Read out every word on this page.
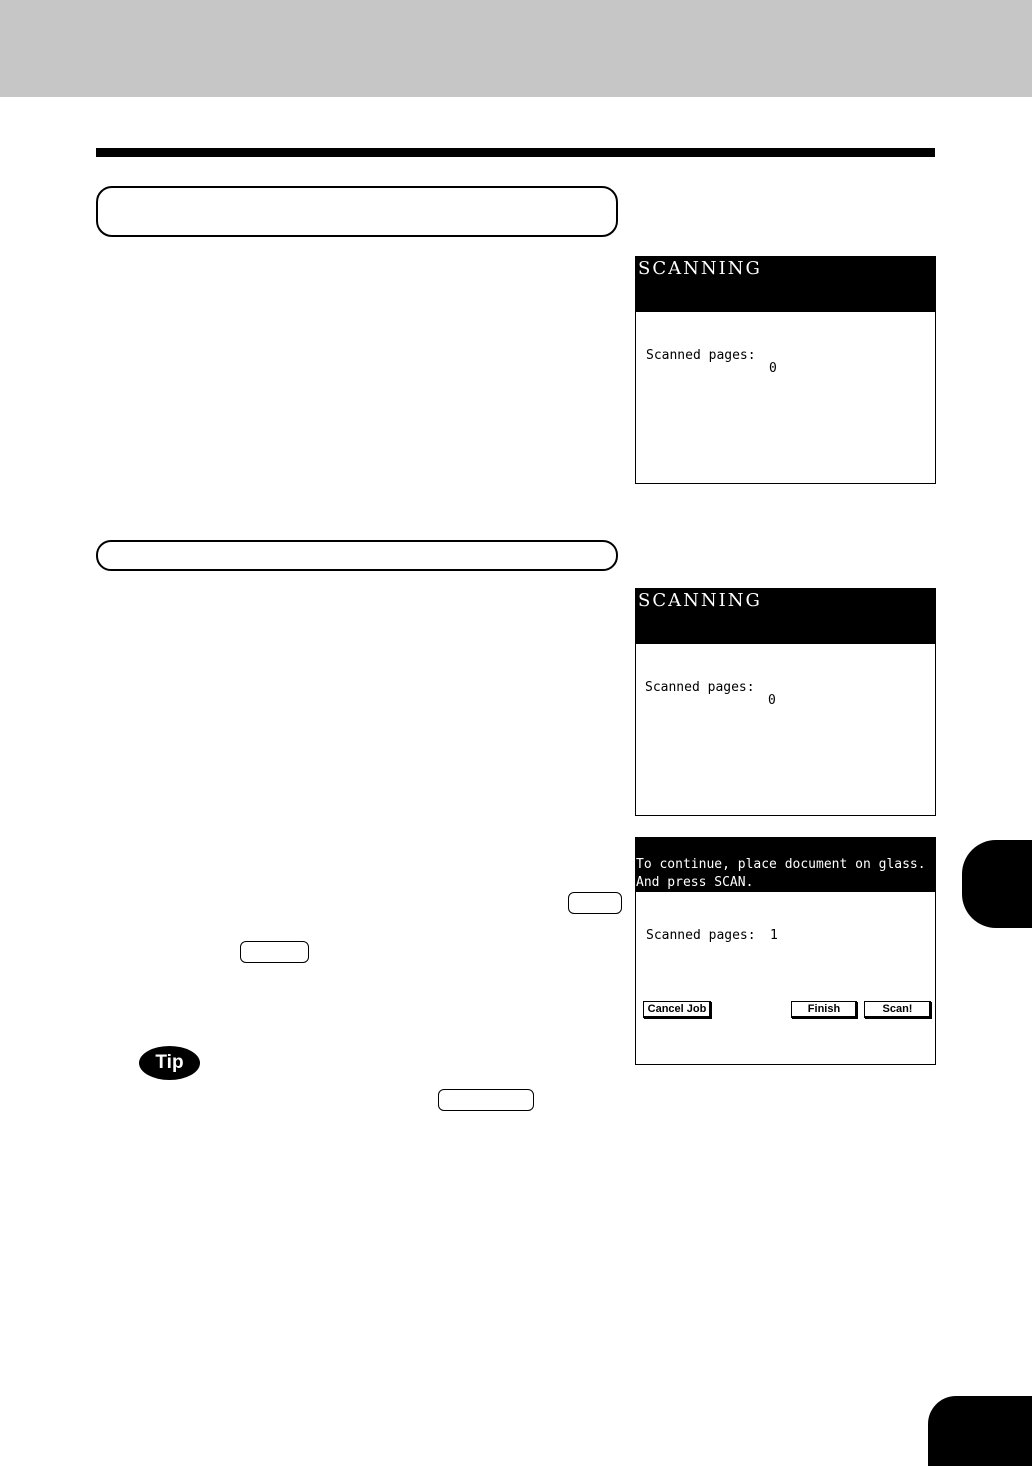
SCANNING
Scanned pages:
0
SCANNING
Scanned pages:
0
To continue, place document on glass.
And press SCAN.
Scanned pages: 1
Cancel Job	Finish	Scan!
Tip
